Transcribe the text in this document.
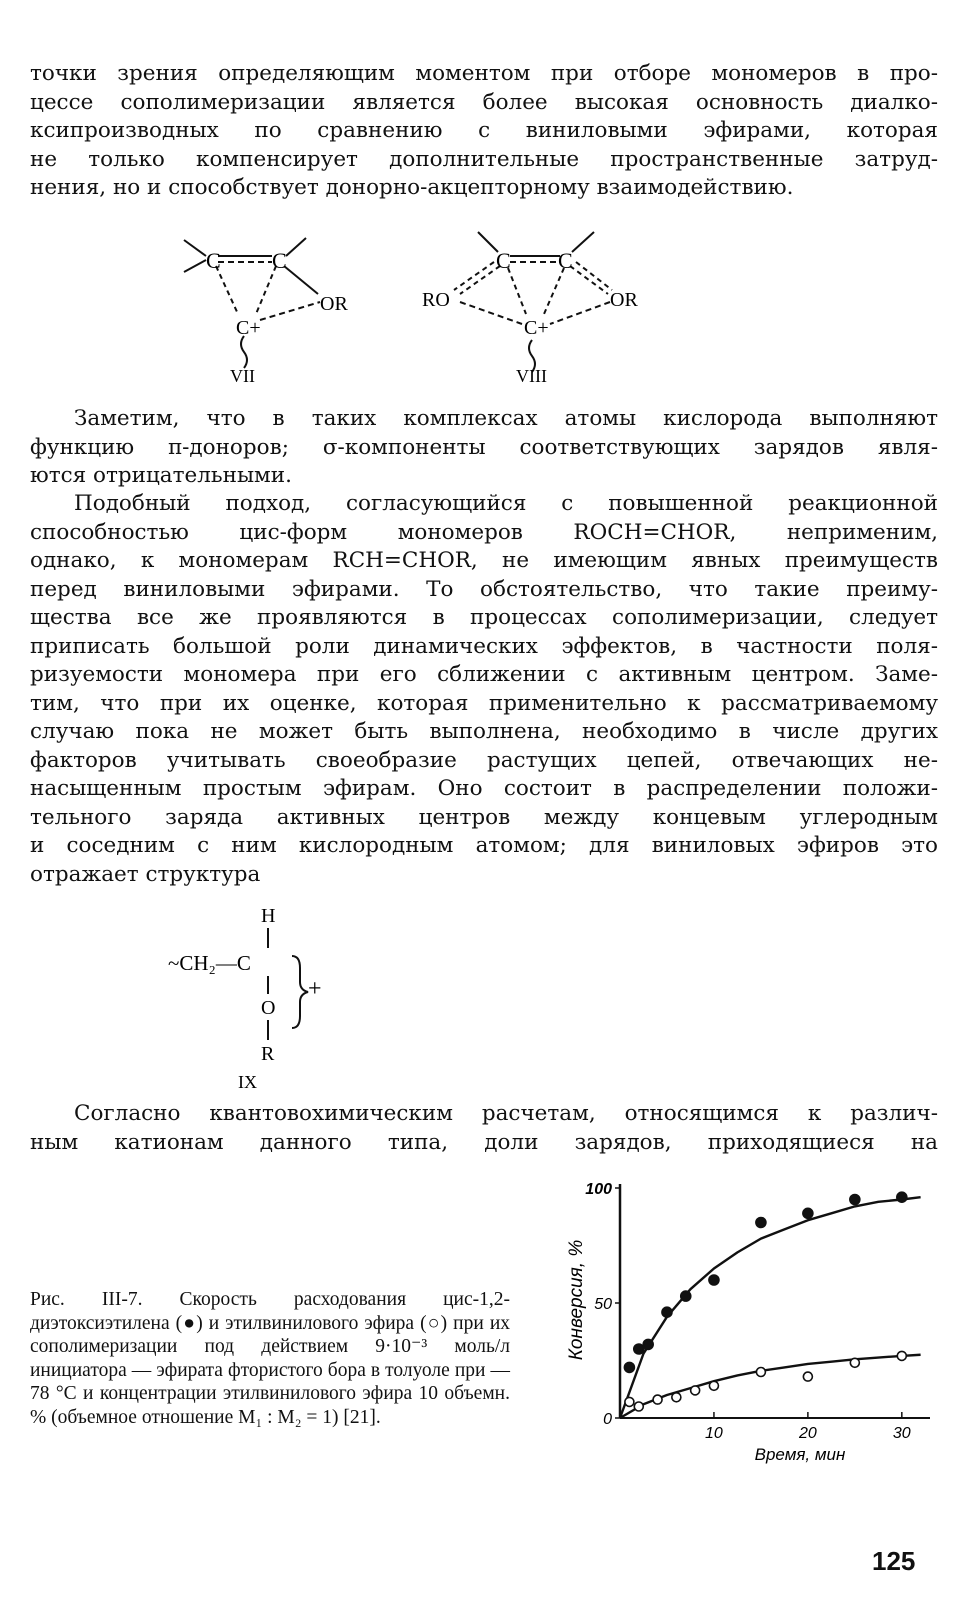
точки зрения определяющим моментом при отборе мономеров в про-
цессе сополимеризации является более высокая основность диалко-
ксипроизводных по сравнению с виниловыми эфирами, которая
не только компенсирует дополнительные пространственные затруд-
нения, но и способствует донорно-акцепторному взаимодействию.
C C
C+
OR
VII
C C
C+
RO	OR
VIII
Заметим, что в таких комплексах атомы кислорода выполняют
функцию π-доноров; σ-компоненты соответствующих зарядов явля-
ются отрицательными.
Подобный подход, согласующийся с повышенной реакционной
способностью цис-форм мономеров ROCH=CHOR, неприменим,
однако, к мономерам RCH=CHOR, не имеющим явных преимуществ
перед виниловыми эфирами. То обстоятельство, что такие преиму-
щества все же проявляются в процессах сополимеризации, следует
приписать большой роли динамических эффектов, в частности поля-
ризуемости мономера при его сближении с активным центром. Заме-
тим, что при их оценке, которая применительно к рассматриваемому
случаю пока не может быть выполнена, необходимо в числе других
факторов учитывать своеобразие растущих цепей, отвечающих не-
насыщенным простым эфирам. Оно состоит в распределении положи-
тельного заряда активных центров между концевым углеродным
и соседним с ним кислородным атомом; для виниловых эфиров это
отражает структура
H
~CH₂—C
O
R
+
IX
Согласно квантовохимическим расчетам, относящимся к различ-
ным катионам данного типа, доли зарядов, приходящиеся на
Рис. III-7. Скорость расходования цис-1,2-диэтоксиэтилена (●) и этилвинилового эфира (○) при их сополимеризации под действием 9·10⁻³ моль/л инициатора — эфирата фтористого бора в толуоле при —78 °С и концентрации этилвинилового эфира 10 объемн. % (объемное отношение M₁ : M₂ = 1) [21].
Конверсия, %
Время, мин
10	20	30
0
50
100
125
